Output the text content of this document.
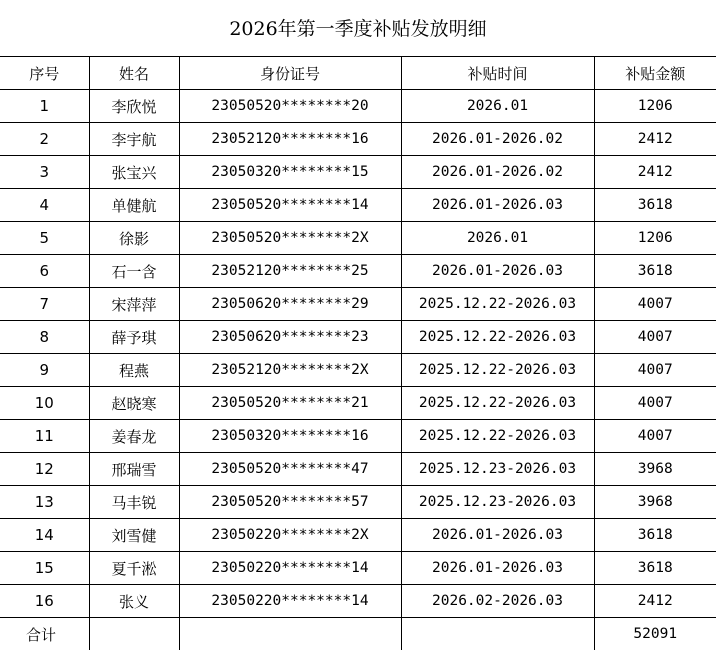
2026年第一季度补贴发放明细
序号	姓名	身份证号	补贴时间	补贴金额
1	李欣悦	23050520********20	2026.01	1206
2	李宇航	23052120********16	2026.01-2026.02	2412
3	张宝兴	23050320********15	2026.01-2026.02	2412
4	单健航	23050520********14	2026.01-2026.03	3618
5	徐影	23050520********2X	2026.01	1206
6	石一含	23052120********25	2026.01-2026.03	3618
7	宋萍萍	23050620********29	2025.12.22-2026.03	4007
8	薛予琪	23050620********23	2025.12.22-2026.03	4007
9	程燕	23052120********2X	2025.12.22-2026.03	4007
10	赵晓寒	23050520********21	2025.12.22-2026.03	4007
11	姜春龙	23050320********16	2025.12.22-2026.03	4007
12	邢瑞雪	23050520********47	2025.12.23-2026.03	3968
13	马丰锐	23050520********57	2025.12.23-2026.03	3968
14	刘雪健	23050220********2X	2026.01-2026.03	3618
15	夏千淞	23050220********14	2026.01-2026.03	3618
16	张义	23050220********14	2026.02-2026.03	2412
合计				52091
